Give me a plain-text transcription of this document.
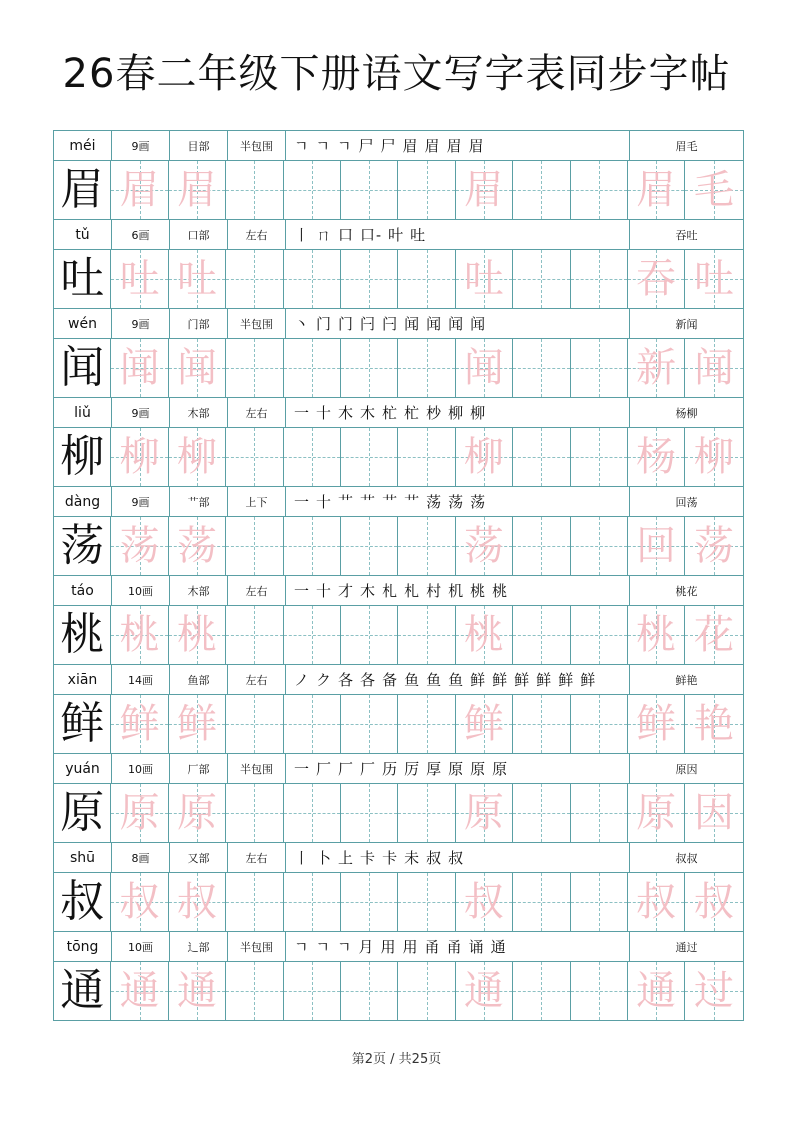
26春二年级下册语文写字表同步字帖
méi	9画	目部	半包围	ㄱ ㄱ ㄱ 尸 尸 眉 眉 眉 眉	眉毛
眉 眉 眉	眉	眉 毛
tǔ	6画	口部	左右	丨 ㄇ 口 口- 叶 吐	吞吐
吐 吐 吐	吐	吞 吐
wén	9画	门部	半包围	丶 门 门 闩 闩 闻 闻 闻 闻	新闻
闻 闻 闻	闻	新 闻
liǔ	9画	木部	左右	一 十 木 木 杧 杧 杪 柳 柳	杨柳
柳 柳 柳	柳	杨 柳
dàng	9画	艹部	上下	一 十 艹 艹 艹 艹 荡 荡 荡	回荡
荡 荡 荡	荡	回 荡
táo	10画	木部	左右	一 十 才 木 札 札 村 机 桃 桃	桃花
桃 桃 桃	桃	桃 花
xiān	14画	鱼部	左右	ノ ク 各 各 备 鱼 鱼 鱼 鲜 鲜 鲜 鲜 鲜 鲜	鲜艳
鲜 鲜 鲜	鲜	鲜 艳
yuán	10画	厂部	半包围	一 厂 厂 厂 历 厉 厚 原 原 原	原因
原 原 原	原	原 因
shū	8画	又部	左右	丨 卜 上 卡 卡 未 叔 叔	叔叔
叔 叔 叔	叔	叔 叔
tōng	10画	辶部	半包围	ㄱ ㄱ ㄱ 月 用 用 甬 甬 诵 通	通过
通 通 通	通	通 过
第2页 / 共25页
